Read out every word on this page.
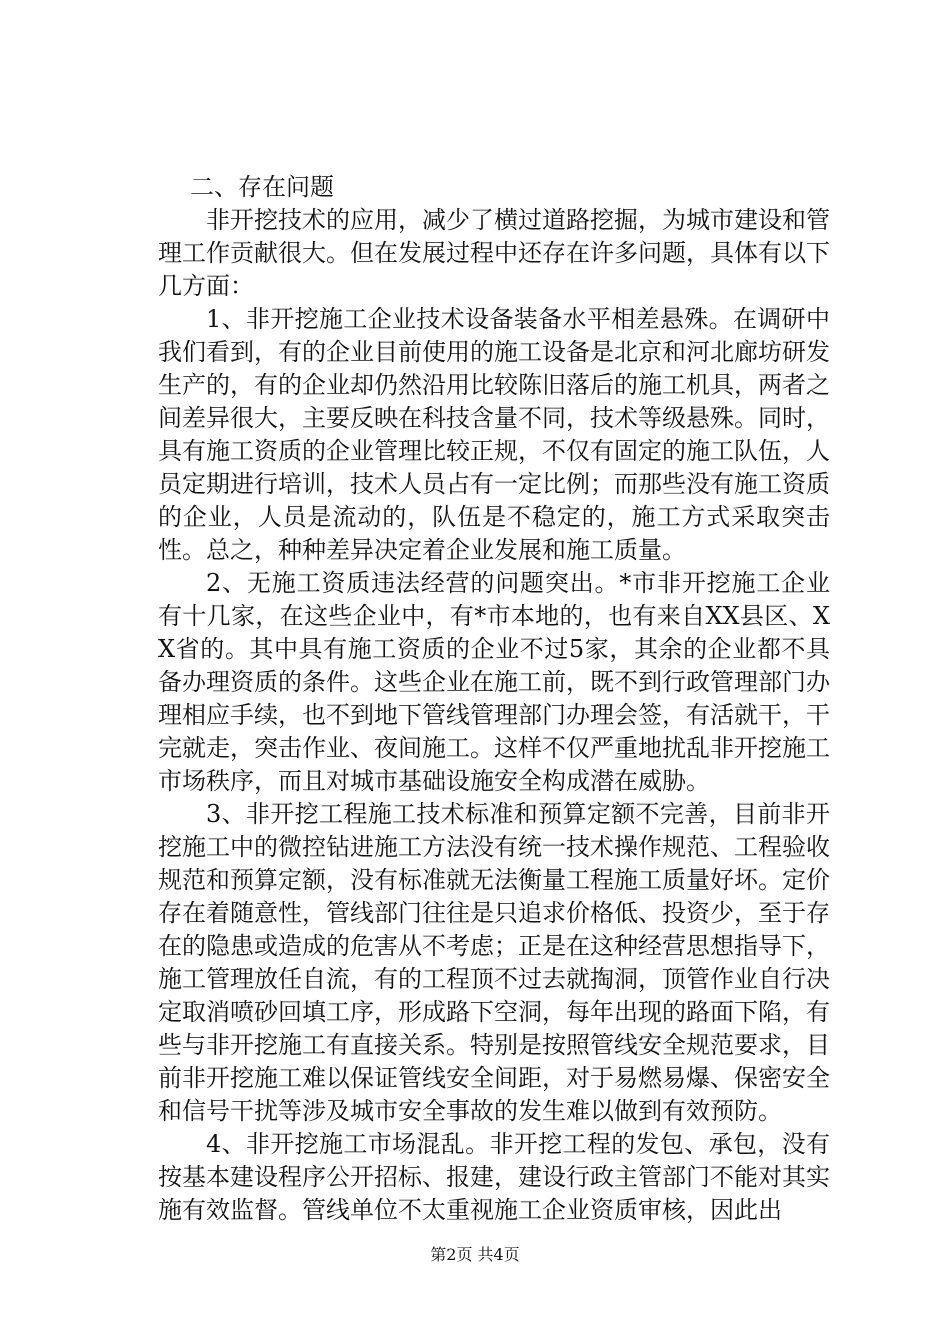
二、存在问题

非开挖技术的应用，减少了横过道路挖掘，为城市建设和管理工作贡献很大。但在发展过程中还存在许多问题，具体有以下几方面：

1、非开挖施工企业技术设备装备水平相差悬殊。在调研中我们看到，有的企业目前使用的施工设备是北京和河北廊坊研发生产的，有的企业却仍然沿用比较陈旧落后的施工机具，两者之间差异很大，主要反映在科技含量不同，技术等级悬殊。同时，具有施工资质的企业管理比较正规，不仅有固定的施工队伍，人员定期进行培训，技术人员占有一定比例；而那些没有施工资质的企业，人员是流动的，队伍是不稳定的，施工方式采取突击性。总之，种种差异决定着企业发展和施工质量。

2、无施工资质违法经营的问题突出。*市非开挖施工企业有十几家，在这些企业中，有*市本地的，也有来自XX县区、XX省的。其中具有施工资质的企业不过5家，其余的企业都不具备办理资质的条件。这些企业在施工前，既不到行政管理部门办理相应手续，也不到地下管线管理部门办理会签，有活就干，干完就走，突击作业、夜间施工。这样不仅严重地扰乱非开挖施工市场秩序，而且对城市基础设施安全构成潜在威胁。

3、非开挖工程施工技术标准和预算定额不完善，目前非开挖施工中的微控钻进施工方法没有统一技术操作规范、工程验收规范和预算定额，没有标准就无法衡量工程施工质量好坏。定价存在着随意性，管线部门往往是只追求价格低、投资少，至于存在的隐患或造成的危害从不考虑；正是在这种经营思想指导下，施工管理放任自流，有的工程顶不过去就掏洞，顶管作业自行决定取消喷砂回填工序，形成路下空洞，每年出现的路面下陷，有些与非开挖施工有直接关系。特别是按照管线安全规范要求，目前非开挖施工难以保证管线安全间距，对于易燃易爆、保密安全和信号干扰等涉及城市安全事故的发生难以做到有效预防。

4、非开挖施工市场混乱。非开挖工程的发包、承包，没有按基本建设程序公开招标、报建，建设行政主管部门不能对其实施有效监督。管线单位不太重视施工企业资质审核，因此出

第2页 共4页
